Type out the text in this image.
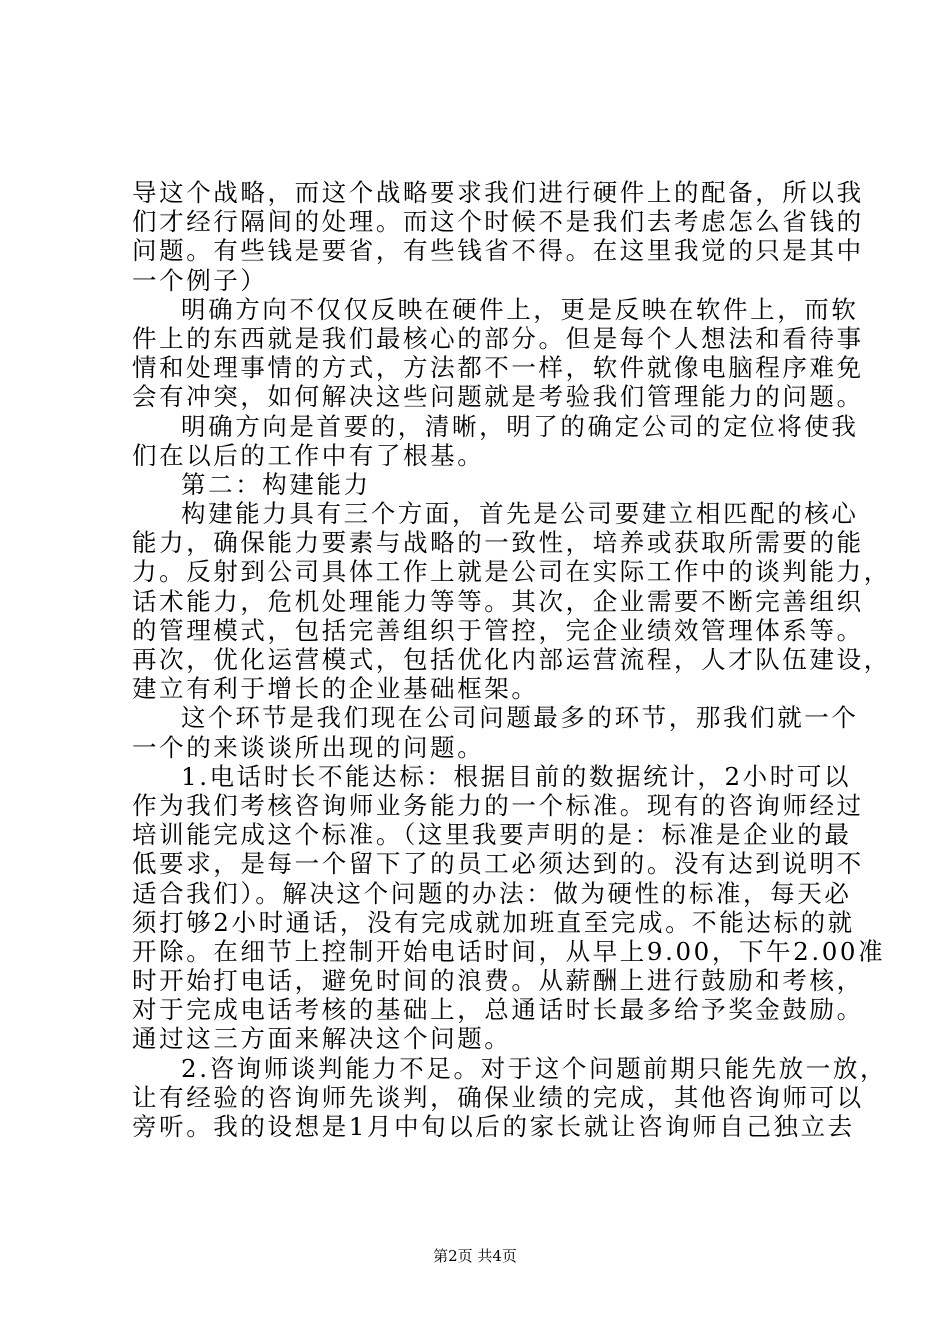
导这个战略，而这个战略要求我们进行硬件上的配备，所以我
们才经行隔间的处理。而这个时候不是我们去考虑怎么省钱的
问题。有些钱是要省，有些钱省不得。在这里我觉的只是其中
一个例子）
明确方向不仅仅反映在硬件上，更是反映在软件上，而软
件上的东西就是我们最核心的部分。但是每个人想法和看待事
情和处理事情的方式，方法都不一样，软件就像电脑程序难免
会有冲突，如何解决这些问题就是考验我们管理能力的问题。
明确方向是首要的，清晰，明了的确定公司的定位将使我
们在以后的工作中有了根基。
第二：构建能力
构建能力具有三个方面，首先是公司要建立相匹配的核心
能力，确保能力要素与战略的一致性，培养或获取所需要的能
力。反射到公司具体工作上就是公司在实际工作中的谈判能力，
话术能力，危机处理能力等等。其次，企业需要不断完善组织
的管理模式，包括完善组织于管控，完企业绩效管理体系等。
再次，优化运营模式，包括优化内部运营流程，人才队伍建设，
建立有利于增长的企业基础框架。
这个环节是我们现在公司问题最多的环节，那我们就一个
一个的来谈谈所出现的问题。
1.电话时长不能达标：根据目前的数据统计，2小时可以
作为我们考核咨询师业务能力的一个标准。现有的咨询师经过
培训能完成这个标准。（这里我要声明的是：标准是企业的最
低要求，是每一个留下了的员工必须达到的。没有达到说明不
适合我们）。解决这个问题的办法：做为硬性的标准，每天必
须打够2小时通话，没有完成就加班直至完成。不能达标的就
开除。在细节上控制开始电话时间，从早上9.00，下午2.00准
时开始打电话，避免时间的浪费。从薪酬上进行鼓励和考核，
对于完成电话考核的基础上，总通话时长最多给予奖金鼓励。
通过这三方面来解决这个问题。
2.咨询师谈判能力不足。对于这个问题前期只能先放一放，
让有经验的咨询师先谈判，确保业绩的完成，其他咨询师可以
旁听。我的设想是1月中旬以后的家长就让咨询师自己独立去
第2页 共4页
